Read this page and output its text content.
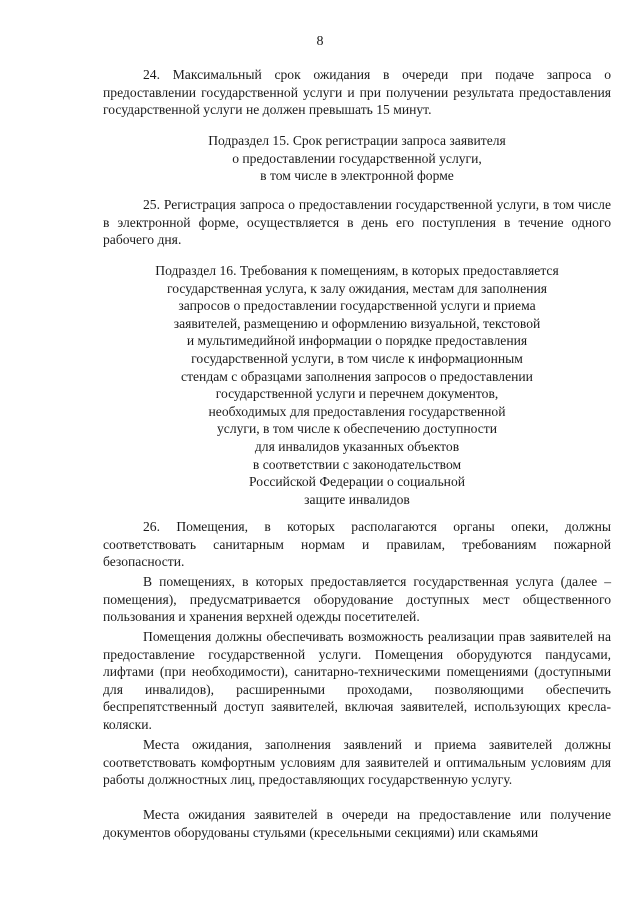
8

24. Максимальный срок ожидания в очереди при подаче запроса о предоставлении государственной услуги и при получении результата предоставления государственной услуги не должен превышать 15 минут.

Подраздел 15. Срок регистрации запроса заявителя
о предоставлении государственной услуги,
в том числе в электронной форме

25. Регистрация запроса о предоставлении государственной услуги, в том числе в электронной форме, осуществляется в день его поступления в течение одного рабочего дня.

Подраздел 16. Требования к помещениям, в которых предоставляется
государственная услуга, к залу ожидания, местам для заполнения
запросов о предоставлении государственной услуги и приема
заявителей, размещению и оформлению визуальной, текстовой
и мультимедийной информации о порядке предоставления
государственной услуги, в том числе к информационным
стендам с образцами заполнения запросов о предоставлении
государственной услуги и перечнем документов,
необходимых для предоставления государственной
услуги, в том числе к обеспечению доступности
для инвалидов указанных объектов
в соответствии с законодательством
Российской Федерации о социальной
защите инвалидов

26. Помещения, в которых располагаются органы опеки, должны соответствовать санитарным нормам и правилам, требованиям пожарной безопасности.

В помещениях, в которых предоставляется государственная услуга (далее – помещения), предусматривается оборудование доступных мест общественного пользования и хранения верхней одежды посетителей.

Помещения должны обеспечивать возможность реализации прав заявителей на предоставление государственной услуги. Помещения оборудуются пандусами, лифтами (при необходимости), санитарно-техническими помещениями (доступными для инвалидов), расширенными проходами, позволяющими обеспечить беспрепятственный доступ заявителей, включая заявителей, использующих кресла-коляски.

Места ожидания, заполнения заявлений и приема заявителей должны соответствовать комфортным условиям для заявителей и оптимальным условиям для работы должностных лиц, предоставляющих государственную услугу.

Места ожидания заявителей в очереди на предоставление или получение документов оборудованы стульями (кресельными секциями) или скамьями
